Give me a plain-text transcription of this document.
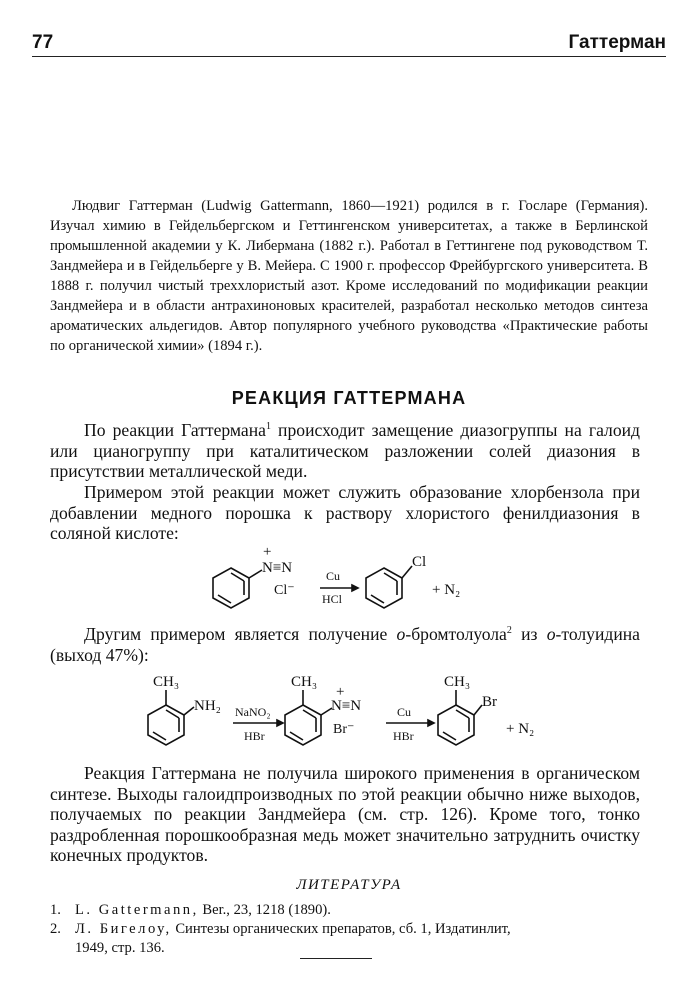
77	Гаттерман
Людвиг Гаттерман (Ludwig Gattermann, 1860—1921) родился в г. Госларе (Германия). Изучал химию в Гейдельбергском и Геттингенском университетах, а также в Берлинской промышленной академии у К. Либермана (1882 г.). Работал в Геттингене под руководством Т. Зандмейера и в Гейдельберге у В. Мейера. С 1900 г. профессор Фрейбургского университета. В 1888 г. получил чистый треххлористый азот. Кроме исследований по модификации реакции Зандмейера и в области антрахиноновых красителей, разработал несколько методов синтеза ароматических альдегидов. Автор популярного учебного руководства «Практические работы по органической химии» (1894 г.).
РЕАКЦИЯ ГАТТЕРМАНА
По реакции Гаттермана$^1$ происходит замещение диазогруппы на галоид или цианогруппу при каталитическом разложении солей диазония в присутствии металлической меди.
Примером этой реакции может служить образование хлорбензола при добавлении медного порошка к раствору хлористого фенилдиазония в соляной кислоте:
+
N≡N
Cl⁻
Cu
HCl
Cl
+ N₂
Другим примером является получение о-бромтолуола$^2$ из о-толуидина (выход 47%):
CH₃
NH₂ NaNO₂
HBr
CH₃
+
N≡N
Br⁻
Cu
HBr
CH₃
Br
+ N₂
Реакция Гаттермана не получила широкого применения в органическом синтезе. Выходы галоидпроизводных по этой реакции обычно ниже выходов, получаемых по реакции Зандмейера (см. стр. 126). Кроме того, тонко раздробленная порошкообразная медь может значительно затруднить очистку конечных продуктов.
ЛИТЕРАТУРА
1. L. Gattermann, Ber., 23, 1218 (1890).
2. Л. Бигелоу, Синтезы органических препаратов, сб. 1, Издатинлит,
1949, стр. 136.
